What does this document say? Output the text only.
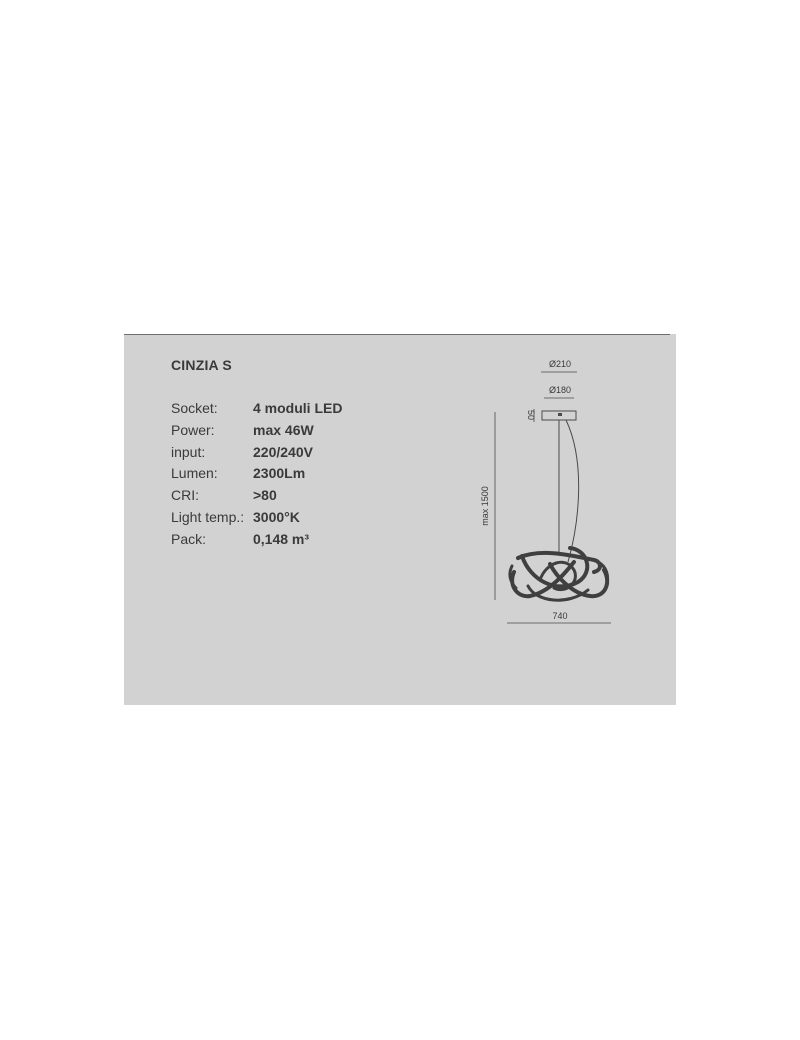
CINZIA S
Socket:	4 moduli LED
Power:	max 46W
input:	220/240V
Lumen:	2300Lm
CRI:	>80
Light temp.: 3000°K
Pack:	0,148 m³
Ø210
Ø180
50
max 1500
740
